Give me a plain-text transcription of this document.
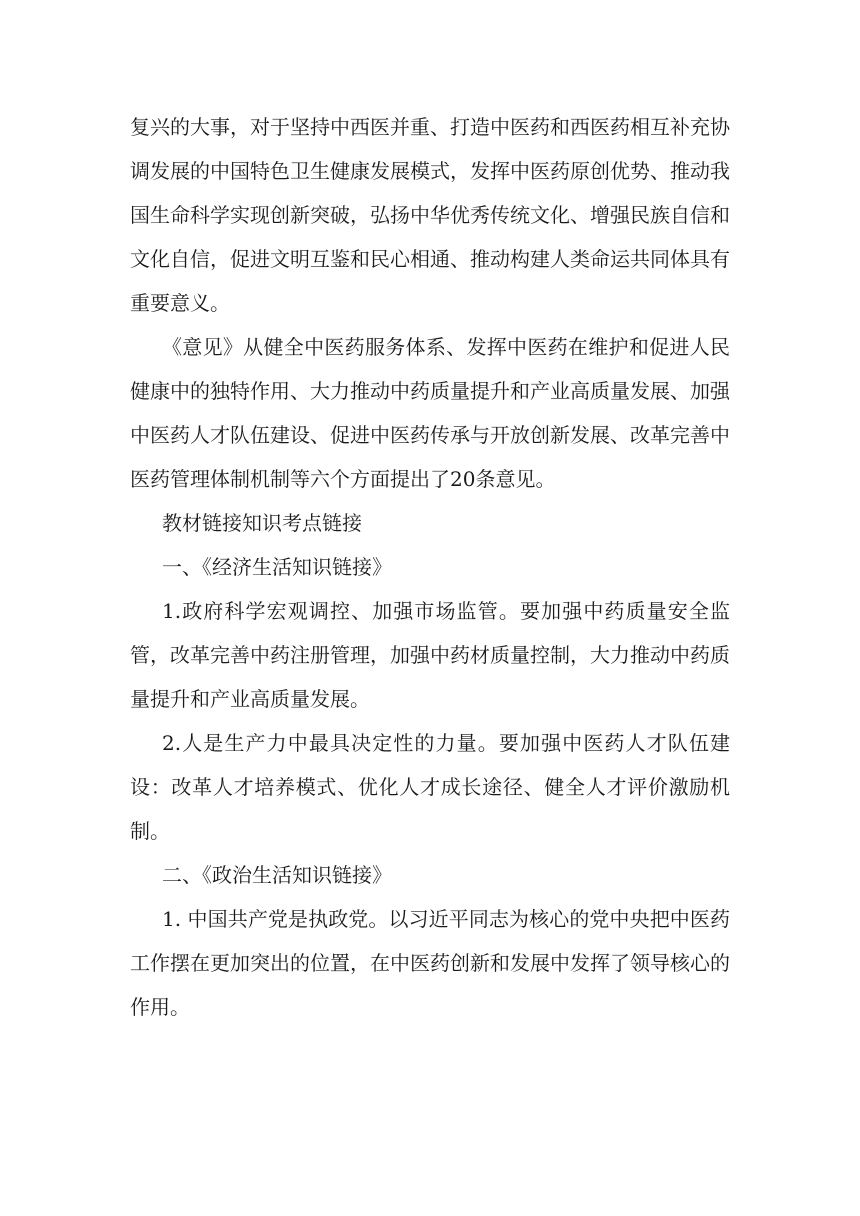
复兴的大事，对于坚持中西医并重、打造中医药和西医药相互补充协调发展的中国特色卫生健康发展模式，发挥中医药原创优势、推动我国生命科学实现创新突破，弘扬中华优秀传统文化、增强民族自信和文化自信，促进文明互鉴和民心相通、推动构建人类命运共同体具有重要意义。

《意见》从健全中医药服务体系、发挥中医药在维护和促进人民健康中的独特作用、大力推动中药质量提升和产业高质量发展、加强中医药人才队伍建设、促进中医药传承与开放创新发展、改革完善中医药管理体制机制等六个方面提出了20条意见。

教材链接知识考点链接

一、《经济生活知识链接》

1.政府科学宏观调控、加强市场监管。要加强中药质量安全监管，改革完善中药注册管理，加强中药材质量控制，大力推动中药质量提升和产业高质量发展。

2.人是生产力中最具决定性的力量。要加强中医药人才队伍建设：改革人才培养模式、优化人才成长途径、健全人才评价激励机制。

二、《政治生活知识链接》

1. 中国共产党是执政党。以习近平同志为核心的党中央把中医药工作摆在更加突出的位置，在中医药创新和发展中发挥了领导核心的作用。
